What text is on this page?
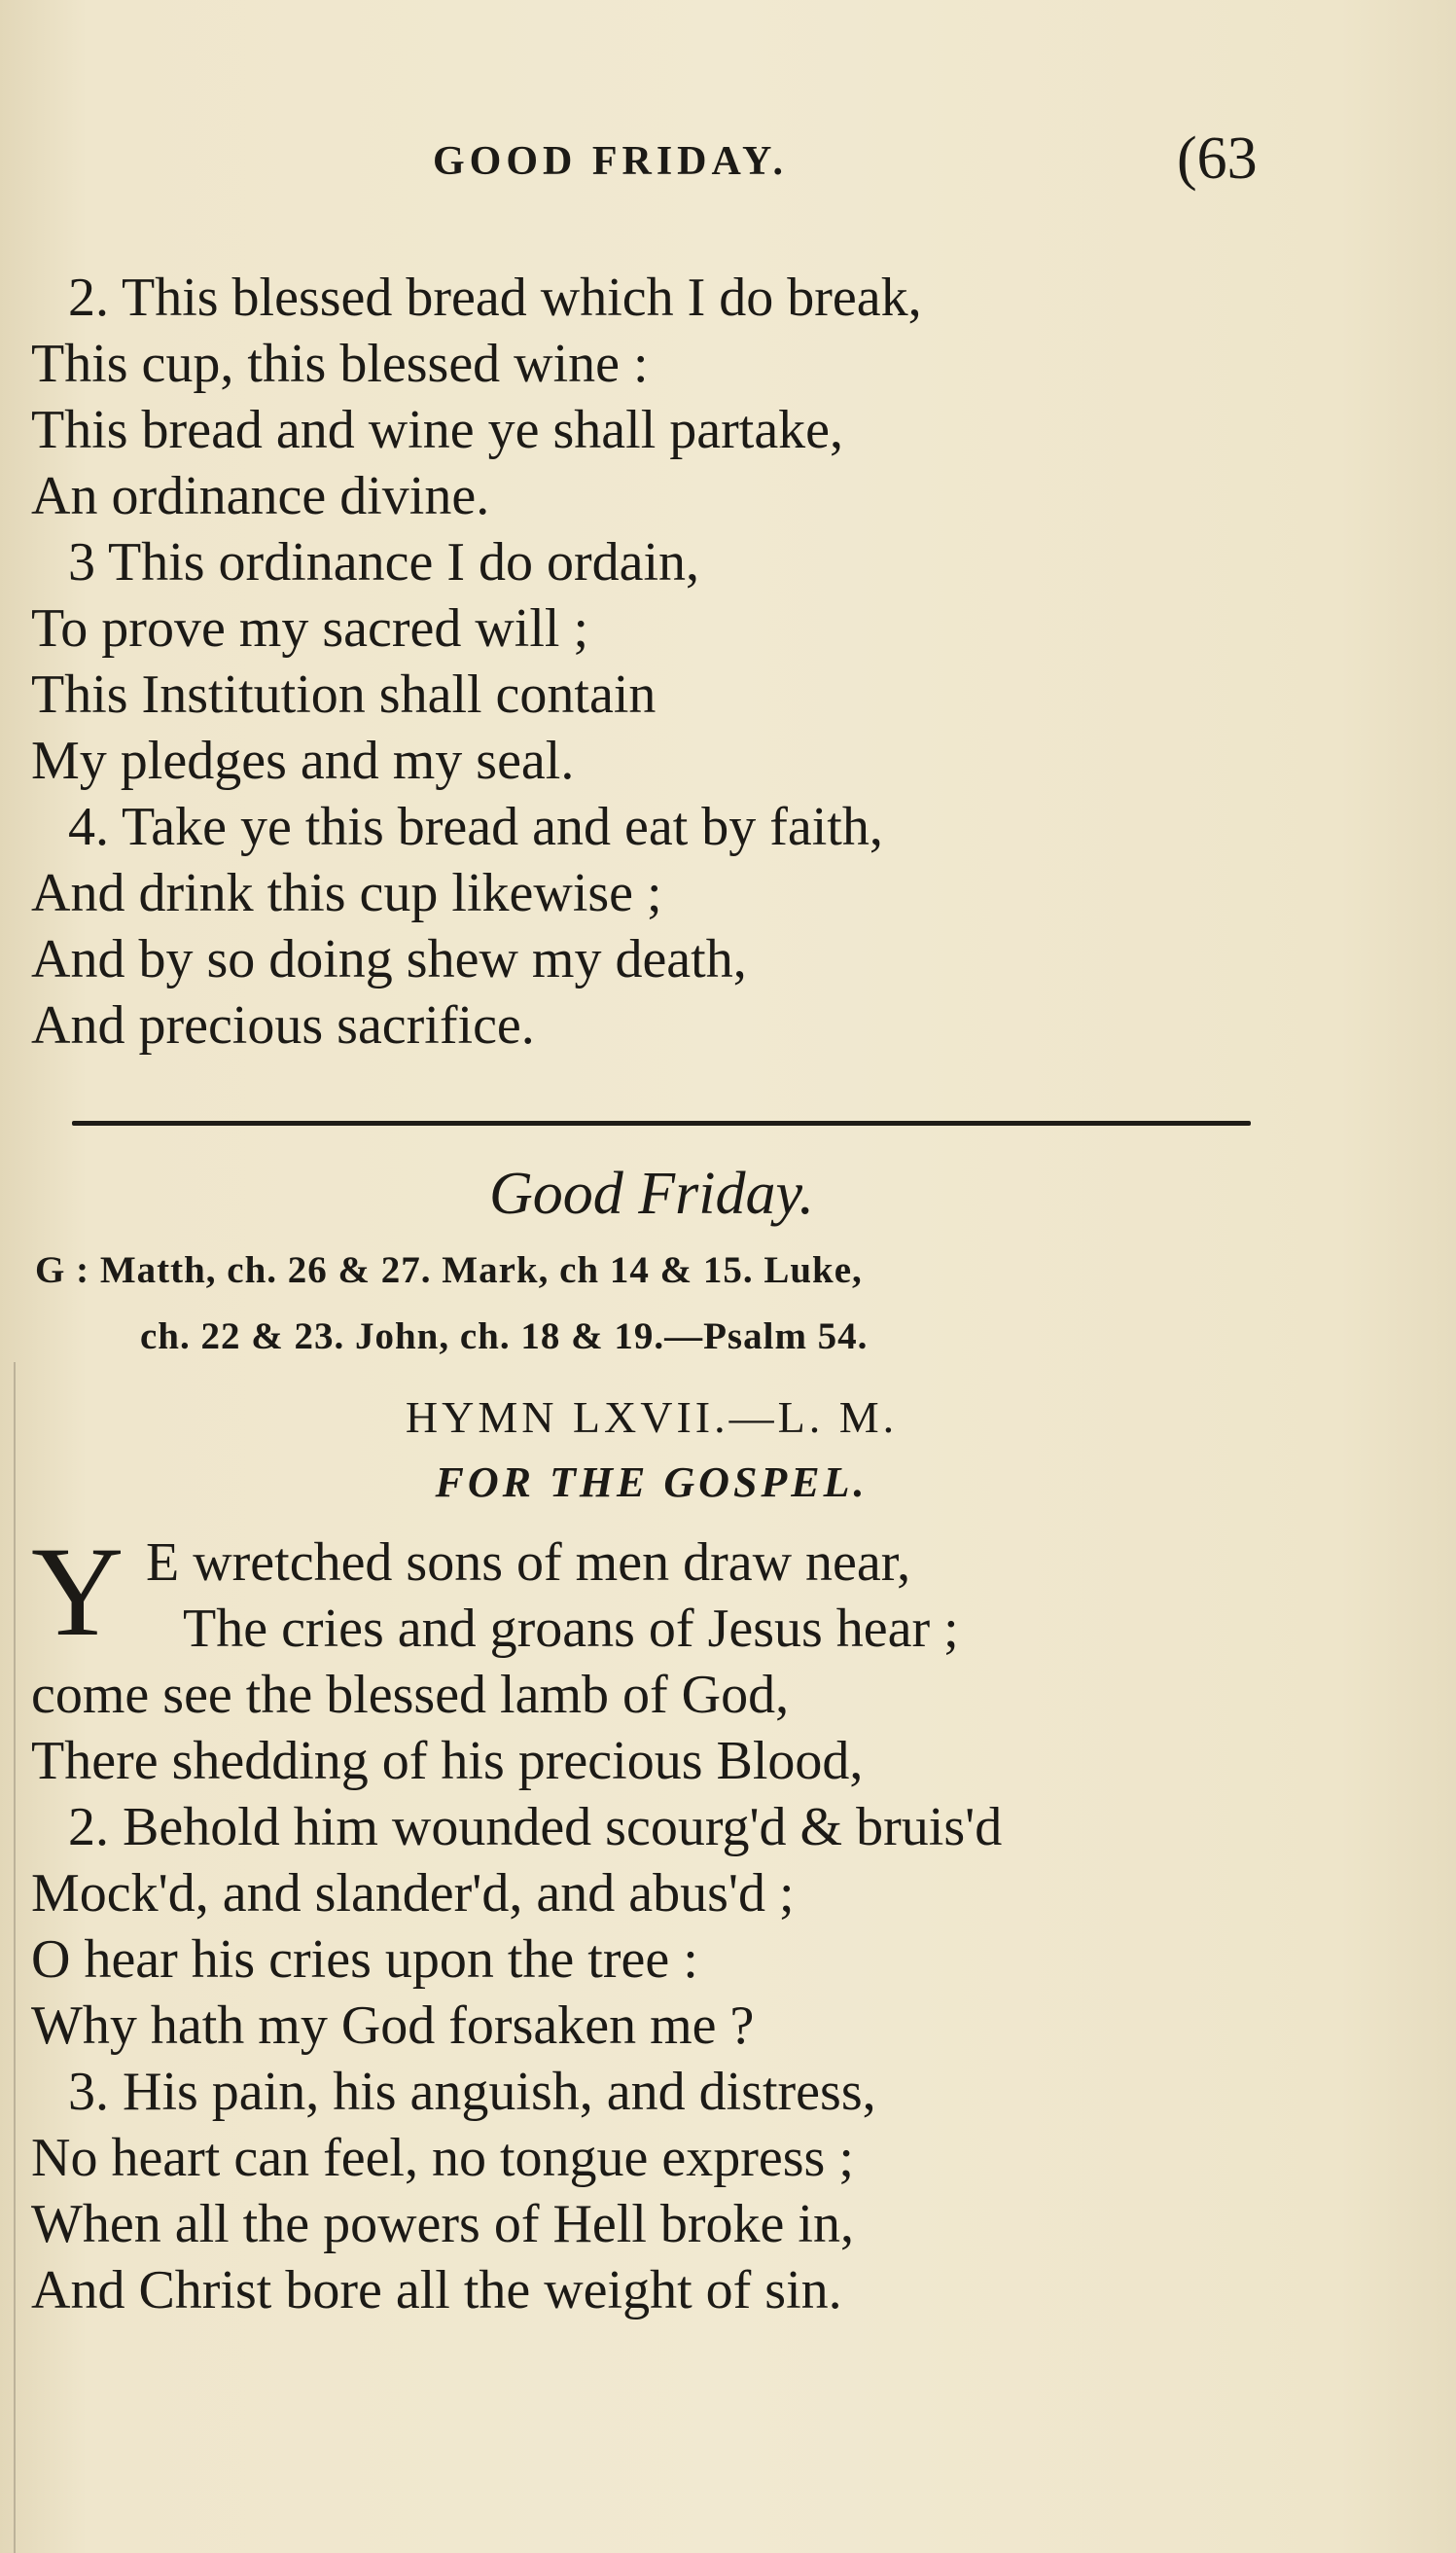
GOOD FRIDAY.	(63
2. This blessed bread which I do break,
This cup, this blessed wine :
This bread and wine ye shall partake,
An ordinance divine.
3 This ordinance I do ordain,
To prove my sacred will ;
This Institution shall contain
My pledges and my seal.
4. Take ye this bread and eat by faith,
And drink this cup likewise ;
And by so doing shew my death,
And precious sacrifice.
Good Friday.
G : Matth, ch. 26 & 27. Mark, ch 14 & 15. Luke,
ch. 22 & 23. John, ch. 18 & 19.—Psalm 54.
HYMN LXVII.—L. M.
FOR THE GOSPEL.
Y E wretched sons of men draw near,
The cries and groans of Jesus hear ;
come see the blessed lamb of God,
There shedding of his precious Blood,
2. Behold him wounded scourg'd & bruis'd
Mock'd, and slander'd, and abus'd ;
O hear his cries upon the tree :
Why hath my God forsaken me ?
3. His pain, his anguish, and distress,
No heart can feel, no tongue express ;
When all the powers of Hell broke in,
And Christ bore all the weight of sin.
